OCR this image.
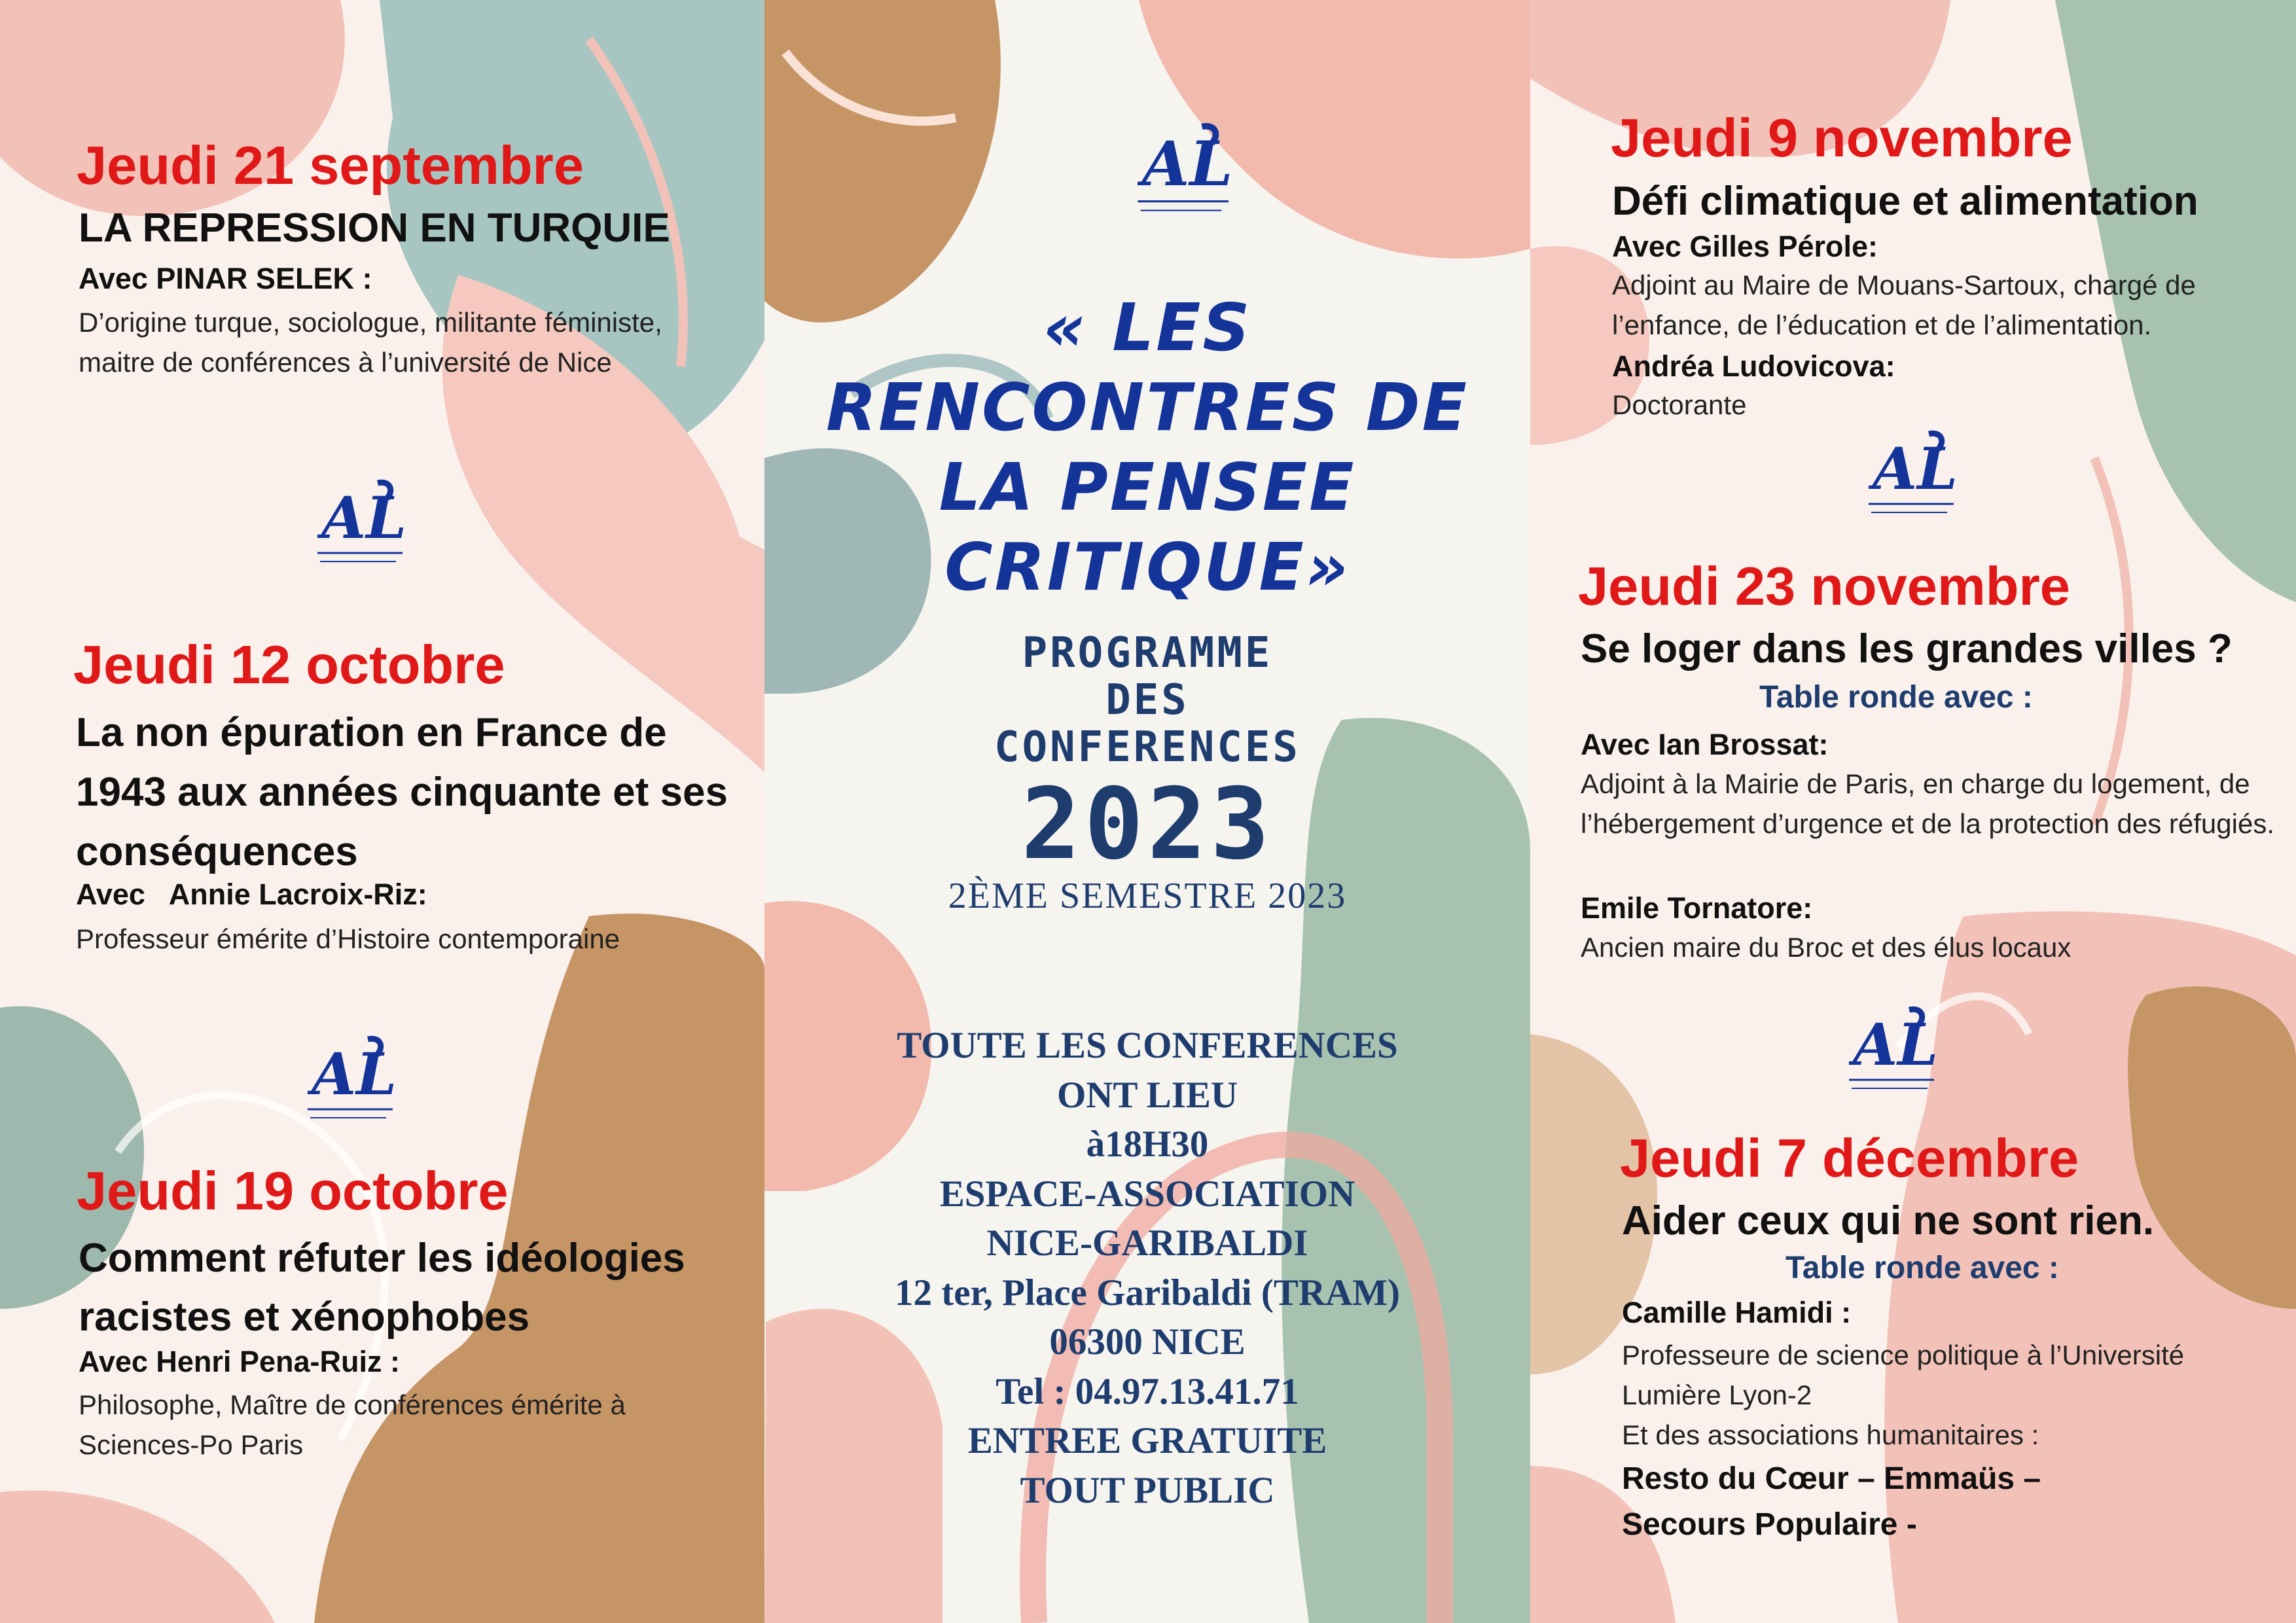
Jeudi 21 septembre

LA REPRESSION EN TURQUIE

Avec PINAR SELEK :

D’origine turque, sociologue, militante féministe, maitre de conférences à l’université de Nice

AL

Jeudi 12 octobre

La non épuration en France de 1943 aux années cinquante et ses conséquences

Avec   Annie Lacroix-Riz:

Professeur émérite d’Histoire contemporaine

AL

Jeudi 19 octobre

Comment réfuter les idéologies racistes et xénophobes

Avec Henri Pena-Ruiz :

Philosophe, Maître de conférences émérite à Sciences-Po Paris

AL
« LES RENCONTRES DE LA PENSEE CRITIQUE»
PROGRAMME
DES
CONFERENCES
2023
2ÈME SEMESTRE 2023
TOUTE LES CONFERENCES
ONT LIEU
à18H30
ESPACE-ASSOCIATION
NICE-GARIBALDI
12 ter, Place Garibaldi (TRAM)
06300 NICE
Tel : 04.97.13.41.71
ENTREE GRATUITE
TOUT PUBLIC

Jeudi 9 novembre

Défi climatique et alimentation

Avec Gilles Pérole:

Adjoint au Maire de Mouans-Sartoux, chargé de l’enfance, de l’éducation et de l’alimentation.

Andréa Ludovicova:

Doctorante

AL

Jeudi 23 novembre

Se loger dans les grandes villes ?

Table ronde avec :

Avec Ian Brossat:

Adjoint à la Mairie de Paris, en charge du logement, de l’hébergement d’urgence et de la protection des réfugiés.

Emile Tornatore:

Ancien maire du Broc et des élus locaux

AL

Jeudi 7 décembre

Aider ceux qui ne sont rien.

Table ronde avec :

Camille Hamidi :

Professeure de science politique à l’Université Lumière Lyon-2

Et des associations humanitaires :

Resto du Cœur – Emmaüs –

Secours Populaire -
